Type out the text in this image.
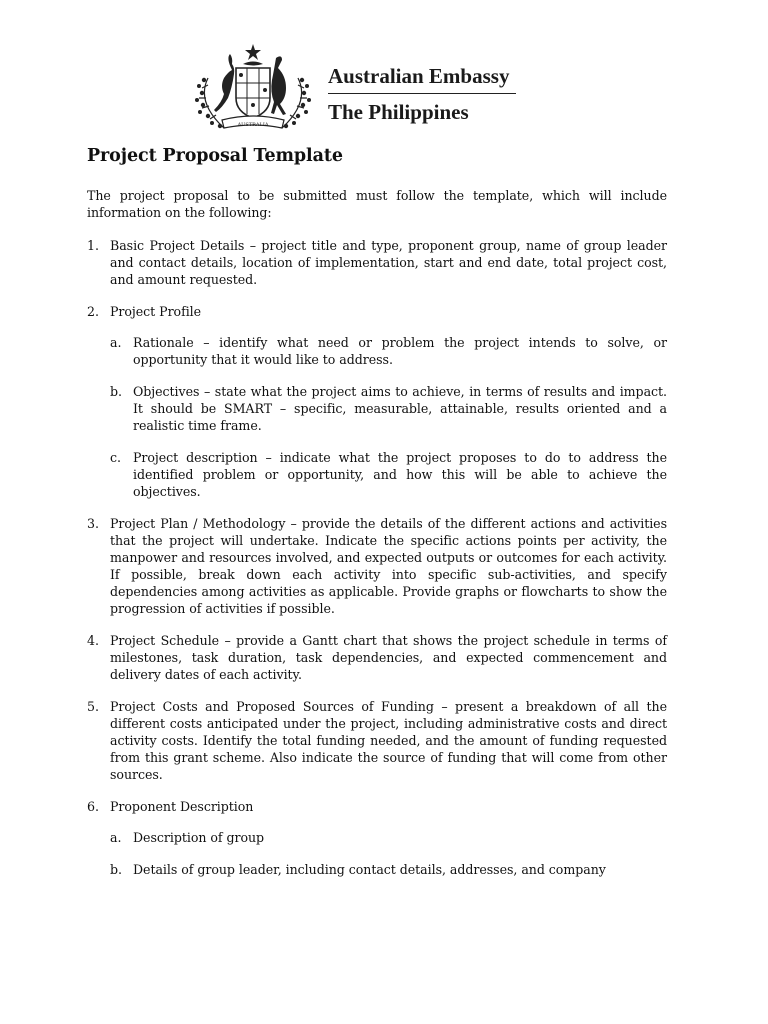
AUSTRALIA
Australian Embassy
The Philippines
Project Proposal Template

The project proposal to be submitted must follow the template, which will include information on the following:

1. Basic Project Details – project title and type, proponent group, name of group leader and contact details, location of implementation, start and end date, total project cost, and amount requested.
2. Project Profile
a. Rationale – identify what need or problem the project intends to solve, or opportunity that it would like to address.
b. Objectives – state what the project aims to achieve, in terms of results and impact. It should be SMART – specific, measurable, attainable, results oriented and a realistic time frame.
c. Project description – indicate what the project proposes to do to address the identified problem or opportunity, and how this will be able to achieve the objectives.
3. Project Plan / Methodology – provide the details of the different actions and activities that the project will undertake. Indicate the specific actions points per activity, the manpower and resources involved, and expected outputs or outcomes for each activity. If possible, break down each activity into specific sub-activities, and specify dependencies among activities as applicable. Provide graphs or flowcharts to show the progression of activities if possible.
4. Project Schedule – provide a Gantt chart that shows the project schedule in terms of milestones, task duration, task dependencies, and expected commencement and delivery dates of each activity.
5. Project Costs and Proposed Sources of Funding – present a breakdown of all the different costs anticipated under the project, including administrative costs and direct activity costs. Identify the total funding needed, and the amount of funding requested from this grant scheme. Also indicate the source of funding that will come from other sources.
6. Proponent Description
a. Description of group
b. Details of group leader, including contact details, addresses, and company
